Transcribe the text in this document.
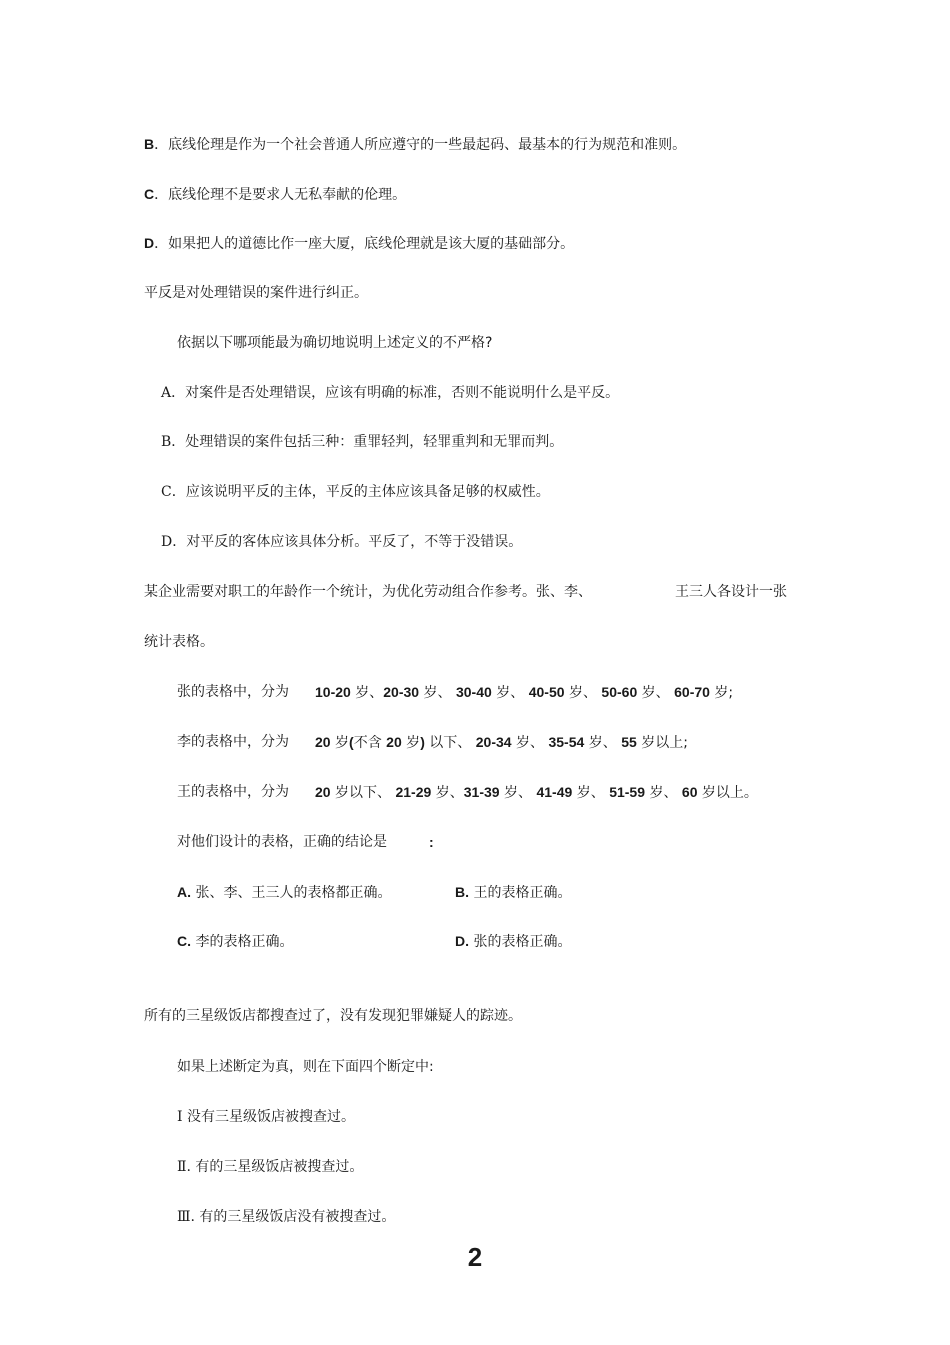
B．底线伦理是作为一个社会普通人所应遵守的一些最起码、最基本的行为规范和准则。
C．底线伦理不是要求人无私奉献的伦理。
D．如果把人的道德比作一座大厦，底线伦理就是该大厦的基础部分。
平反是对处理错误的案件进行纠正。
依据以下哪项能最为确切地说明上述定义的不严格?
A．对案件是否处理错误，应该有明确的标准，否则不能说明什么是平反。
B．处理错误的案件包括三种：重罪轻判，轻罪重判和无罪而判。
C．应该说明平反的主体，平反的主体应该具备足够的权威性。
D．对平反的客体应该具体分析。平反了，不等于没错误。
某企业需要对职工的年龄作一个统计，为优化劳动组合作参考。张、李、	王三人各设计一张
统计表格。
张的表格中，分为 10-20 岁、20-30 岁、 30-40 岁、 40-50 岁、 50-60 岁、 60-70 岁;
李的表格中，分为 20 岁(不含 20 岁) 以下、 20-34 岁、 35-54 岁、 55 岁以上;
王的表格中，分为 20 岁以下、 21-29 岁、31-39 岁、 41-49 岁、 51-59 岁、 60 岁以上。
对他们设计的表格，正确的结论是	:
A. 张、李、王三人的表格都正确。	B. 王的表格正确。
C. 李的表格正确。	D. 张的表格正确。
所有的三星级饭店都搜查过了，没有发现犯罪嫌疑人的踪迹。
如果上述断定为真，则在下面四个断定中:
Ⅰ 没有三星级饭店被搜查过。
Ⅱ. 有的三星级饭店被搜查过。
Ⅲ. 有的三星级饭店没有被搜查过。
2
